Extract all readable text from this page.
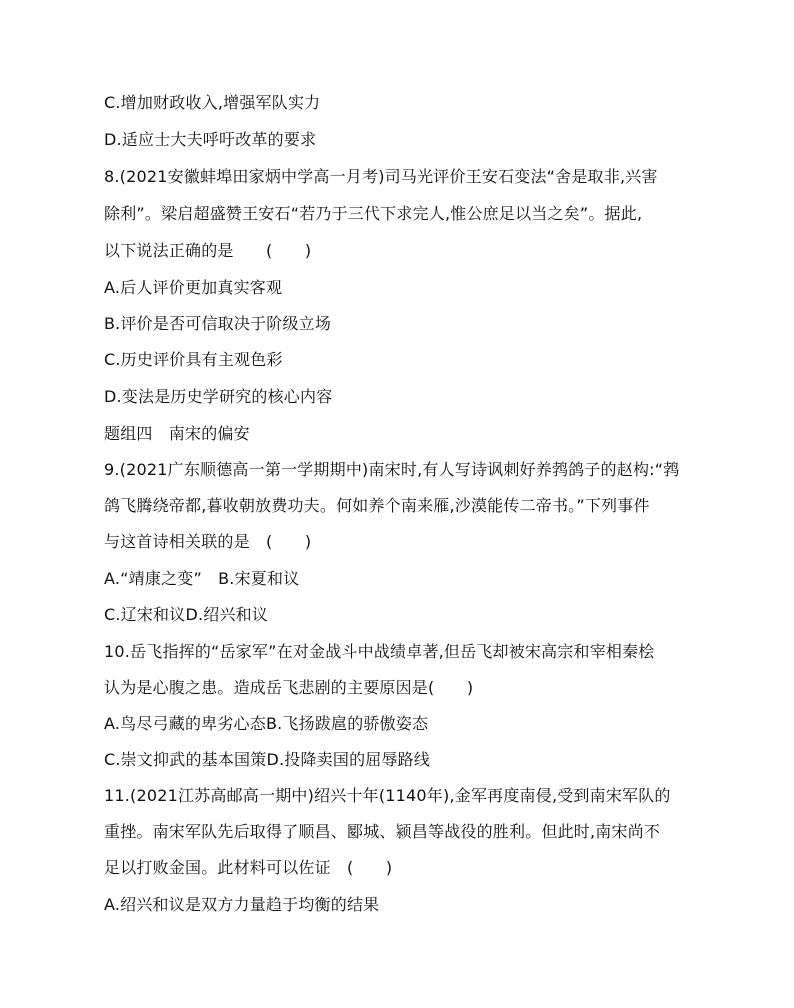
C.增加财政收入,增强军队实力
D.适应士大夫呼吁改革的要求
8.(2021安徽蚌埠田家炳中学高一月考)司马光评价王安石变法“舍是取非,兴害
除利”。梁启超盛赞王安石“若乃于三代下求完人,惟公庶足以当之矣”。据此,
以下说法正确的是　　(　　)
A.后人评价更加真实客观
B.评价是否可信取决于阶级立场
C.历史评价具有主观色彩
D.变法是历史学研究的核心内容
题组四　南宋的偏安
9.(2021广东顺德高一第一学期期中)南宋时,有人写诗讽刺好养鹁鸽子的赵构:“鹁
鸽飞腾绕帝都,暮收朝放费功夫。何如养个南来雁,沙漠能传二帝书。”下列事件
与这首诗相关联的是　(　　)
A.“靖康之变”　B.宋夏和议
C.辽宋和议D.绍兴和议
10.岳飞指挥的“岳家军”在对金战斗中战绩卓著,但岳飞却被宋高宗和宰相秦桧
认为是心腹之患。造成岳飞悲剧的主要原因是(　　)
A.鸟尽弓藏的卑劣心态B.飞扬跋扈的骄傲姿态
C.崇文抑武的基本国策D.投降卖国的屈辱路线
11.(2021江苏高邮高一期中)绍兴十年(1140年),金军再度南侵,受到南宋军队的
重挫。南宋军队先后取得了顺昌、郾城、颍昌等战役的胜利。但此时,南宋尚不
足以打败金国。此材料可以佐证　(　　)
A.绍兴和议是双方力量趋于均衡的结果
